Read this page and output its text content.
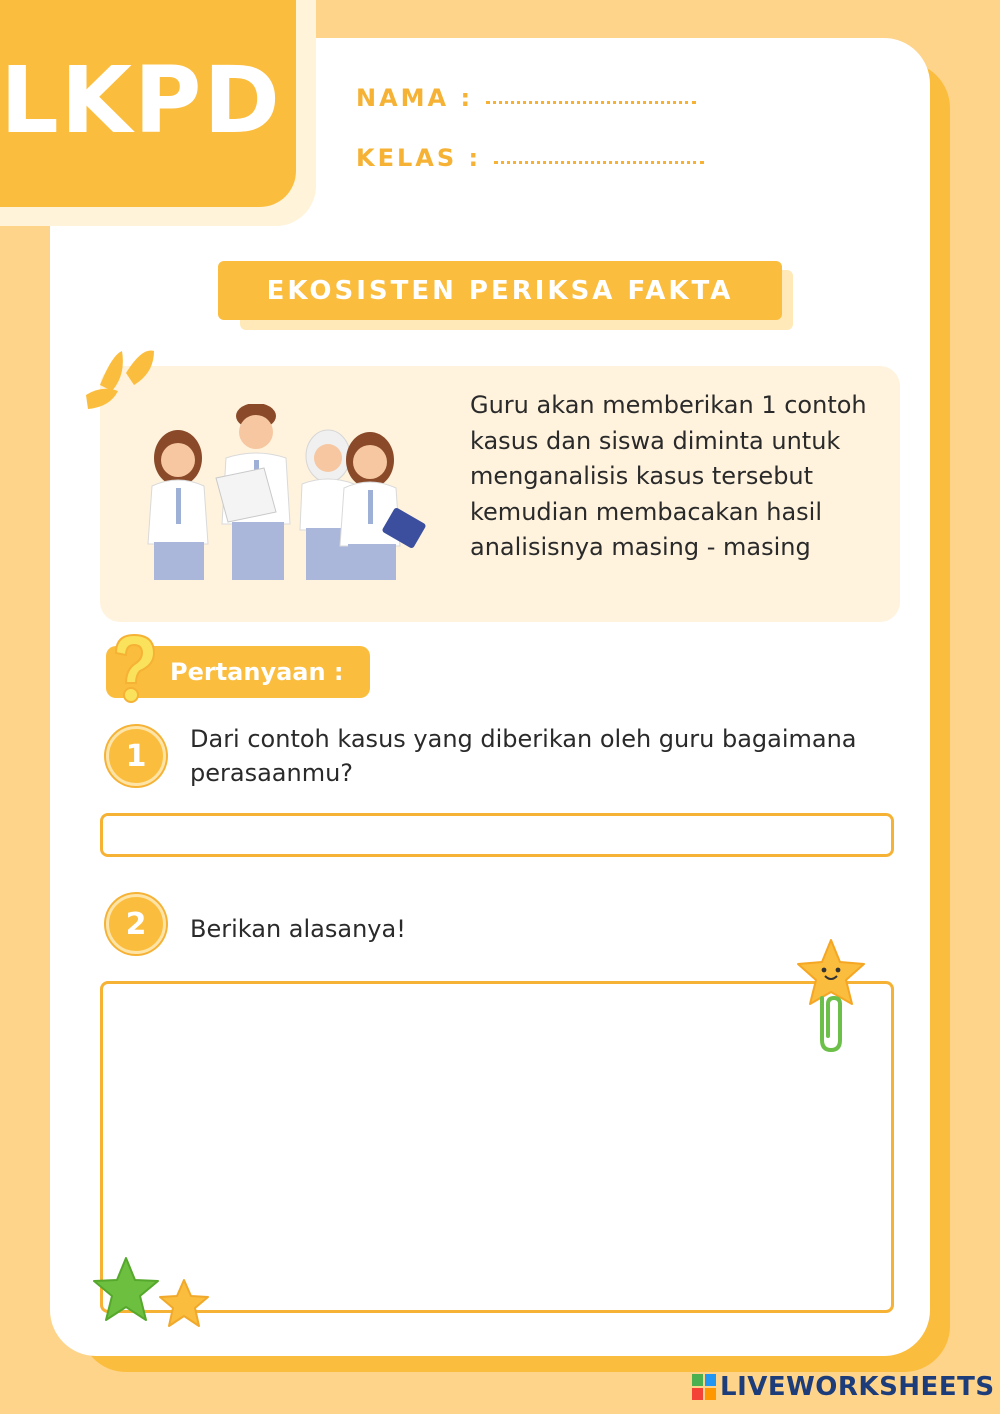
LKPD	NAMA :
KELAS :
EKOSISTEN PERIKSA FAKTA
Guru akan memberikan 1 contoh kasus dan siswa diminta untuk menganalisis kasus tersebut kemudian membacakan hasil analisisnya masing - masing
Pertanyaan :
1	Dari contoh kasus yang diberikan oleh guru bagaimana perasaanmu?
2	Berikan alasanya!
LIVEWORKSHEETS
